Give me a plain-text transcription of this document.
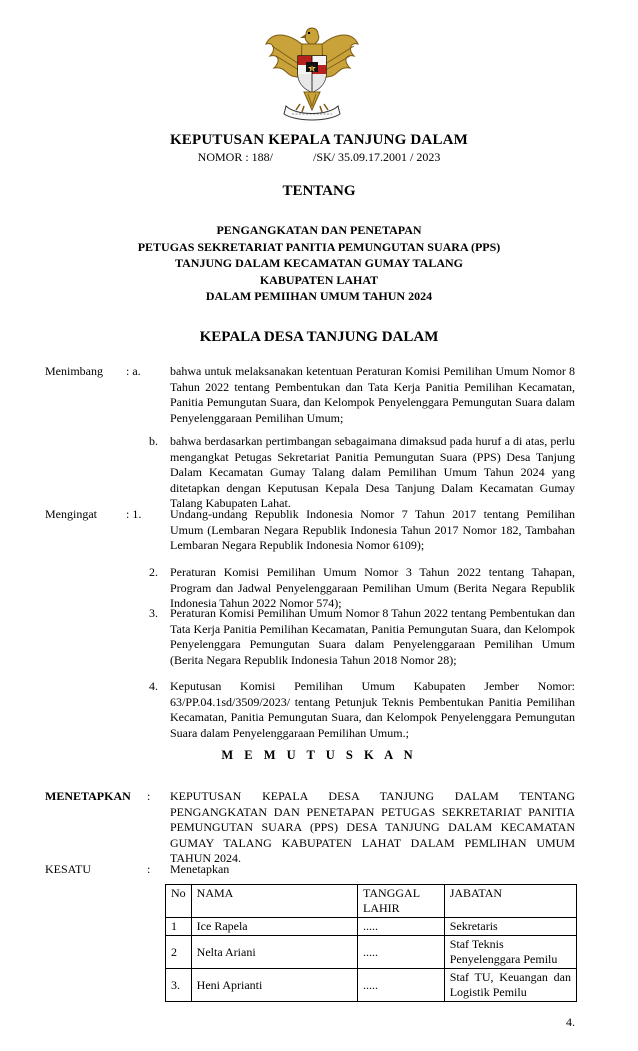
KEPUTUSAN KEPALA TANJUNG DALAM
NOMOR : 188/	/SK/ 35.09.17.2001 / 2023
TENTANG
PENGANGKATAN DAN PENETAPAN
PETUGAS SEKRETARIAT PANITIA PEMUNGUTAN SUARA (PPS)
TANJUNG DALAM KECAMATAN GUMAY TALANG
KABUPATEN LAHAT
DALAM PEMIIHAN UMUM TAHUN 2024
KEPALA DESA TANJUNG DALAM
Menimbang : a.	bahwa untuk melaksanakan ketentuan Peraturan Komisi Pemilihan Umum Nomor 8 Tahun 2022 tentang Pembentukan dan Tata Kerja Panitia Pemilihan Kecamatan, Panitia Pemungutan Suara, dan Kelompok Penyelenggara Pemungutan Suara dalam Penyelenggaraan Pemilihan Umum;
b. bahwa berdasarkan pertimbangan sebagaimana dimaksud pada huruf a di atas, perlu mengangkat Petugas Sekretariat Panitia Pemungutan Suara (PPS) Desa Tanjung Dalam Kecamatan Gumay Talang dalam Pemilihan Umum Tahun 2024 yang ditetapkan dengan Keputusan Kepala Desa Tanjung Dalam Kecamatan Gumay Talang Kabupaten Lahat.
Mengingat : 1.	Undang-undang Republik Indonesia Nomor 7 Tahun 2017 tentang Pemilihan Umum (Lembaran Negara Republik Indonesia Tahun 2017 Nomor 182, Tambahan Lembaran Negara Republik Indonesia Nomor 6109);
2. Peraturan Komisi Pemilihan Umum Nomor 3 Tahun 2022 tentang Tahapan, Program dan Jadwal Penyelenggaraan Pemilihan Umum (Berita Negara Republik Indonesia Tahun 2022 Nomor 574);
3. Peraturan Komisi Pemilihan Umum Nomor 8 Tahun 2022 tentang Pembentukan dan Tata Kerja Panitia Pemilihan Kecamatan, Panitia Pemungutan Suara, dan Kelompok Penyelenggara Pemungutan Suara dalam Penyelenggaraan Pemilihan Umum (Berita Negara Republik Indonesia Tahun 2018 Nomor 28);
4. Keputusan Komisi Pemilihan Umum Kabupaten Jember Nomor: 63/PP.04.1sd/3509/2023/ tentang Petunjuk Teknis Pembentukan Panitia Pemilihan Kecamatan, Panitia Pemungutan Suara, dan Kelompok Penyelenggara Pemungutan Suara dalam Penyelenggaraan Pemilihan Umum.;
M E M U T U S K A N
MENETAPKAN : KEPUTUSAN KEPALA DESA TANJUNG DALAM TENTANG PENGANGKATAN DAN PENETAPAN PETUGAS SEKRETARIAT PANITIA PEMUNGUTAN SUARA (PPS) DESA TANJUNG DALAM KECAMATAN GUMAY TALANG KABUPATEN LAHAT DALAM PEMLIHAN UMUM TAHUN 2024.
KESATU	: Menetapkan
No	NAMA	TANGGAL LAHIR	JABATAN
1	Ice Rapela	.....	Sekretaris
2	Nelta Ariani	.....	Staf Teknis Penyelenggara Pemilu
3.	Heni Aprianti	.....	Staf TU, Keuangan dan Logistik Pemilu
4.
